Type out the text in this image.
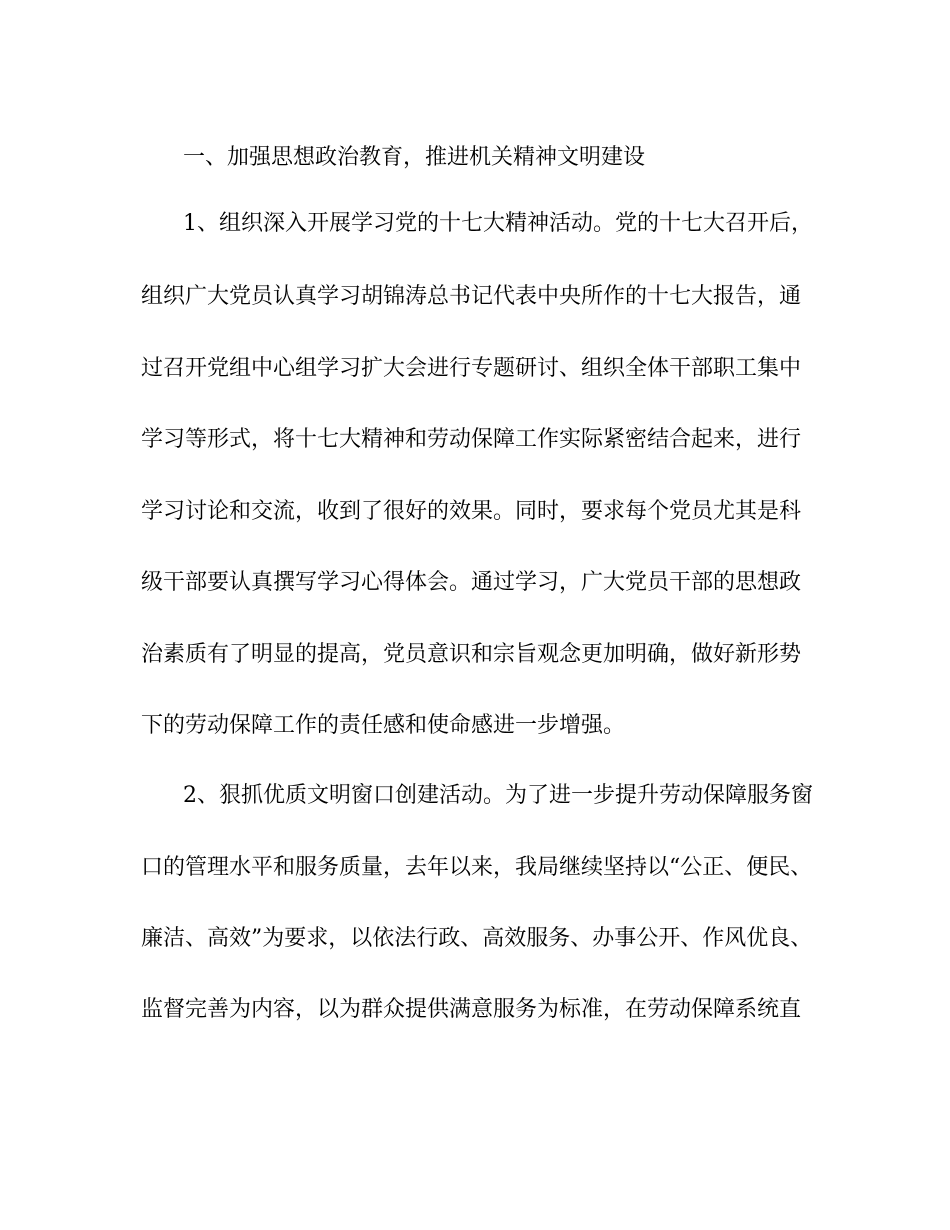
一、加强思想政治教育，推进机关精神文明建设
1、组织深入开展学习党的十七大精神活动。党的十七大召开后，
组织广大党员认真学习胡锦涛总书记代表中央所作的十七大报告，通
过召开党组中心组学习扩大会进行专题研讨、组织全体干部职工集中
学习等形式，将十七大精神和劳动保障工作实际紧密结合起来，进行
学习讨论和交流，收到了很好的效果。同时，要求每个党员尤其是科
级干部要认真撰写学习心得体会。通过学习，广大党员干部的思想政
治素质有了明显的提高，党员意识和宗旨观念更加明确，做好新形势
下的劳动保障工作的责任感和使命感进一步增强。
2、狠抓优质文明窗口创建活动。为了进一步提升劳动保障服务窗
口的管理水平和服务质量，去年以来，我局继续坚持以“公正、便民、
廉洁、高效”为要求，以依法行政、高效服务、办事公开、作风优良、
监督完善为内容，以为群众提供满意服务为标准，在劳动保障系统直
